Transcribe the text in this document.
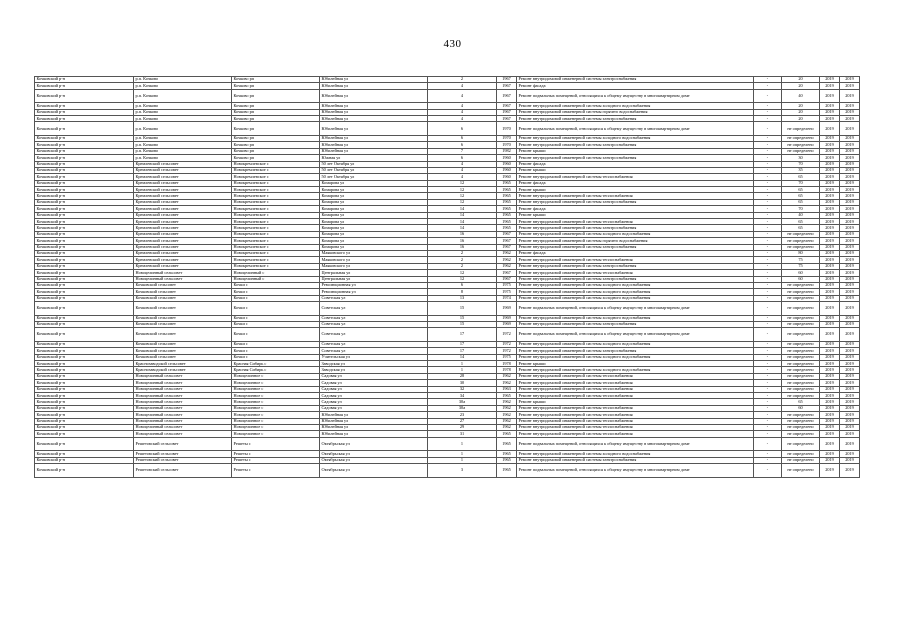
430
Кочковский р-н	р.п. Кочково	Кочково рп	Юбилейная ул	2	1967	Ремонт внутридомовой инженерной системы электроснабжения	-	20	2019	2019
Кочковский р-н	р.п. Кочково	Кочково рп	Юбилейная ул	4	1967	Ремонт фасада	-	20	2019	2019
Кочковский р-н	р.п. Кочково	Кочково рп	Юбилейная ул	4	1967	Ремонт подвальных помещений, относящихся к общему имуществу в многоквартирном доме	-	40	2019	2019
Кочковский р-н	р.п. Кочково	Кочково рп	Юбилейная ул	4	1967	Ремонт внутридомовой инженерной системы холодного водоснабжения	-	20	2019	2019
Кочковский р-н	р.п. Кочково	Кочково рп	Юбилейная ул	4	1967	Ремонт внутридомовой инженерной системы горячего водоснабжения	-	20	2019	2019
Кочковский р-н	р.п. Кочково	Кочково рп	Юбилейная ул	4	1967	Ремонт внутридомовой инженерной системы электроснабжения	-	20	2019	2019
Кочковский р-н	р.п. Кочково	Кочково рп	Юбилейная ул	6	1970	Ремонт подвальных помещений, относящихся к общему имуществу в многоквартирном доме	-	не определено	2019	2019
Кочковский р-н	р.п. Кочково	Кочково рп	Юбилейная ул	6	1970	Ремонт внутридомовой инженерной системы холодного водоснабжения	-	не определено	2019	2019
Кочковский р-н	р.п. Кочково	Кочково рп	Юбилейная ул	6	1970	Ремонт внутридомовой инженерной системы электроснабжения	-	не определено	2019	2019
Кочковский р-н	р.п. Кочково	Кочково рп	Юбилейная ул	7	1982	Ремонт крыши	-	не определено	2019	2019
Кочковский р-н	р.п. Кочково	Кочково рп	Южная ул	6	1960	Ремонт внутридомовой инженерной системы электроснабжения	-	30	2019	2019
Кочковский р-н	Кремлевский сельсовет	Новокремлевское с	50 лет Октября ул	4	1960	Ремонт фасада	-	70	2019	2019
Кочковский р-н	Кремлевский сельсовет	Новокремлевское с	50 лет Октября ул	4	1960	Ремонт крыши	-	35	2019	2019
Кочковский р-н	Кремлевский сельсовет	Новокремлевское с	50 лет Октября ул	4	1960	Ремонт внутридомовой инженерной системы теплоснабжения	-	65	2019	2019
Кочковский р-н	Кремлевский сельсовет	Новокремлевское с	Комарова ул	12	1965	Ремонт фасада	-	70	2019	2019
Кочковский р-н	Кремлевский сельсовет	Новокремлевское с	Комарова ул	12	1965	Ремонт крыши	-	65	2019	2019
Кочковский р-н	Кремлевский сельсовет	Новокремлевское с	Комарова ул	12	1965	Ремонт внутридомовой инженерной системы теплоснабжения	-	65	2019	2019
Кочковский р-н	Кремлевский сельсовет	Новокремлевское с	Комарова ул	12	1965	Ремонт внутридомовой инженерной системы электроснабжения	-	65	2019	2019
Кочковский р-н	Кремлевский сельсовет	Новокремлевское с	Комарова ул	14	1965	Ремонт фасада	-	70	2019	2019
Кочковский р-н	Кремлевский сельсовет	Новокремлевское с	Комарова ул	14	1965	Ремонт крыши	-	40	2019	2019
Кочковский р-н	Кремлевский сельсовет	Новокремлевское с	Комарова ул	14	1965	Ремонт внутридомовой инженерной системы теплоснабжения	-	65	2019	2019
Кочковский р-н	Кремлевский сельсовет	Новокремлевское с	Комарова ул	14	1965	Ремонт внутридомовой инженерной системы электроснабжения	-	65	2019	2019
Кочковский р-н	Кремлевский сельсовет	Новокремлевское с	Комарова ул	16	1967	Ремонт внутридомовой инженерной системы холодного водоснабжения	-	не определено	2019	2019
Кочковский р-н	Кремлевский сельсовет	Новокремлевское с	Комарова ул	16	1967	Ремонт внутридомовой инженерной системы горячего водоснабжения	-	не определено	2019	2019
Кочковский р-н	Кремлевский сельсовет	Новокремлевское с	Комарова ул	16	1967	Ремонт внутридомовой инженерной системы электроснабжения	-	не определено	2019	2019
Кочковский р-н	Кремлевский сельсовет	Новокремлевское с	Маяковского ул	2	1962	Ремонт фасада	-	80	2019	2019
Кочковский р-н	Кремлевский сельсовет	Новокремлевское с	Маяковского ул	2	1962	Ремонт внутридомовой инженерной системы теплоснабжения	-	75	2019	2019
Кочковский р-н	Кремлевский сельсовет	Новокремлевское с	Маяковского ул	2	1962	Ремонт внутридомовой инженерной системы электроснабжения	-	75	2019	2019
Кочковский р-н	Новоцелинный сельсовет	Новоцелинный с	Центральная ул	12	1967	Ремонт внутридомовой инженерной системы теплоснабжения	-	60	2019	2019
Кочковский р-н	Новоцелинный сельсовет	Новоцелинный с	Центральная ул	12	1967	Ремонт внутридомовой инженерной системы электроснабжения	-	60	2019	2019
Кочковский р-н	Кочковский сельсовет	Кочки с	Революционная ул	6	1975	Ремонт внутридомовой инженерной системы холодного водоснабжения	-	не определено	2019	2019
Кочковский р-н	Кочковский сельсовет	Кочки с	Революционная ул	8	1975	Ремонт внутридомовой инженерной системы холодного водоснабжения	-	не определено	2019	2019
Кочковский р-н	Кочковский сельсовет	Кочки с	Советская ул	13	1974	Ремонт внутридомовой инженерной системы холодного водоснабжения	-	не определено	2019	2019
Кочковский р-н	Кочковский сельсовет	Кочки с	Советская ул	15	1969	Ремонт подвальных помещений, относящихся к общему имуществу в многоквартирном доме	-	не определено	2019	2019
Кочковский р-н	Кочковский сельсовет	Кочки с	Советская ул	15	1969	Ремонт внутридомовой инженерной системы холодного водоснабжения	-	не определено	2019	2019
Кочковский р-н	Кочковский сельсовет	Кочки с	Советская ул	15	1969	Ремонт внутридомовой инженерной системы электроснабжения	-	не определено	2019	2019
Кочковский р-н	Кочковский сельсовет	Кочки с	Советская ул	17	1972	Ремонт подвальных помещений, относящихся к общему имуществу в многоквартирном доме	-	не определено	2019	2019
Кочковский р-н	Кочковский сельсовет	Кочки с	Советская ул	17	1972	Ремонт внутридомовой инженерной системы холодного водоснабжения	-	не определено	2019	2019
Кочковский р-н	Кочковский сельсовет	Кочки с	Советская ул	17	1972	Ремонт внутридомовой инженерной системы электроснабжения	-	не определено	2019	2019
Кочковский р-н	Кочковский сельсовет	Кочки с	Учительская ул	14	1975	Ремонт внутридомовой инженерной системы холодного водоснабжения	-	не определено	2019	2019
Кочковский р-н	Краснозаводской сельсовет	Красная Сибирь с	Заводская ул	1	1978	Ремонт крыши	-	не определено	2019	2019
Кочковский р-н	Краснозаводской сельсовет	Красная Сибирь с	Заводская ул	1	1978	Ремонт внутридомовой инженерной системы холодного водоснабжения	-	не определено	2019	2019
Кочковский р-н	Новоцелинный сельсовет	Новоцелинное с	Садовая ул	28	1962	Ремонт внутридомовой инженерной системы теплоснабжения	-	не определено	2019	2019
Кочковский р-н	Новоцелинный сельсовет	Новоцелинное с	Садовая ул	30	1962	Ремонт внутридомовой инженерной системы теплоснабжения	-	не определено	2019	2019
Кочковский р-н	Новоцелинный сельсовет	Новоцелинное с	Садовая ул	32	1963	Ремонт внутридомовой инженерной системы теплоснабжения	-	не определено	2019	2019
Кочковский р-н	Новоцелинный сельсовет	Новоцелинное с	Садовая ул	34	1965	Ремонт внутридомовой инженерной системы теплоснабжения	-	не определено	2019	2019
Кочковский р-н	Новоцелинный сельсовет	Новоцелинное с	Садовая ул	30а	1962	Ремонт крыши	-	65	2019	2019
Кочковский р-н	Новоцелинный сельсовет	Новоцелинное с	Садовая ул	30а	1962	Ремонт внутридомовой инженерной системы теплоснабжения	-	60	2019	2019
Кочковский р-н	Новоцелинный сельсовет	Новоцелинное с	Юбилейная ул	23	1962	Ремонт внутридомовой инженерной системы теплоснабжения	-	не определено	2019	2019
Кочковский р-н	Новоцелинный сельсовет	Новоцелинное с	Юбилейная ул	27	1962	Ремонт внутридомовой инженерной системы теплоснабжения	-	не определено	2019	2019
Кочковский р-н	Новоцелинный сельсовет	Новоцелинное с	Юбилейная ул	29	1962	Ремонт внутридомовой инженерной системы теплоснабжения	-	не определено	2019	2019
Кочковский р-н	Новоцелинный сельсовет	Новоцелинное с	Юбилейная ул	31	1965	Ремонт внутридомовой инженерной системы теплоснабжения	-	не определено	2019	2019
Кочковский р-н	Решетовский сельсовет	Решеты с	Октябрьская ул	1	1965	Ремонт подвальных помещений, относящихся к общему имуществу в многоквартирном доме	-	не определено	2019	2019
Кочковский р-н	Решетовский сельсовет	Решеты с	Октябрьская ул	1	1965	Ремонт внутридомовой инженерной системы холодного водоснабжения	-	не определено	2019	2019
Кочковский р-н	Решетовский сельсовет	Решеты с	Октябрьская ул	1	1965	Ремонт внутридомовой инженерной системы электроснабжения	-	не определено	2019	2019
Кочковский р-н	Решетовский сельсовет	Решеты с	Октябрьская ул	3	1965	Ремонт подвальных помещений, относящихся к общему имуществу в многоквартирном доме	-	не определено	2019	2019
